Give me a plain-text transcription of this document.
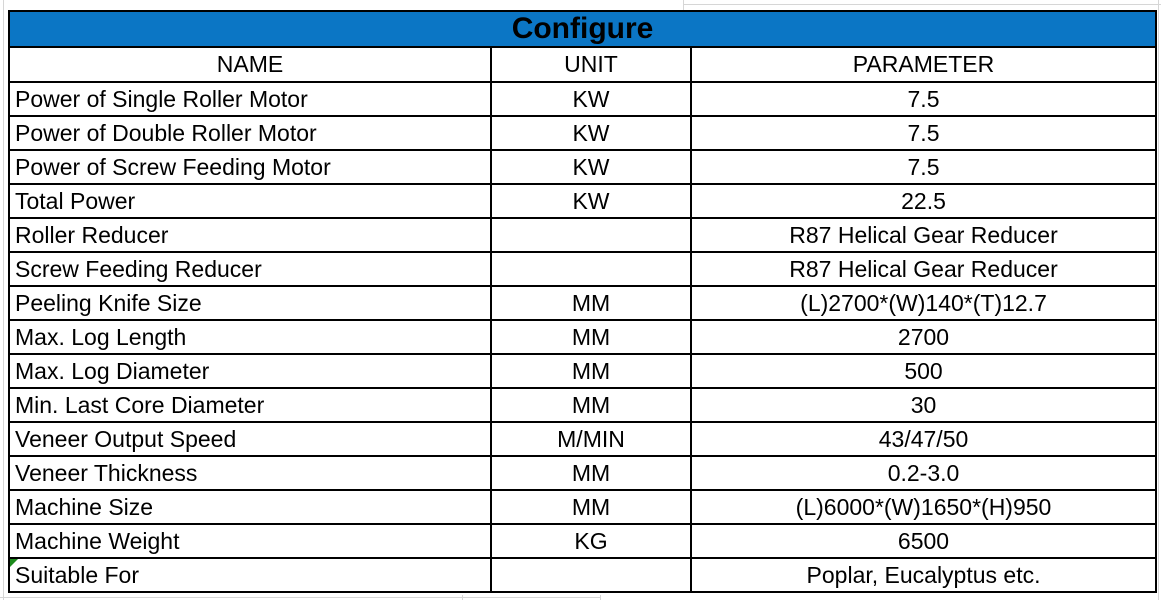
Configure		
NAME	UNIT	PARAMETER
Power of Single Roller Motor	KW	7.5
Power of Double Roller Motor	KW	7.5
Power of Screw Feeding Motor	KW	7.5
Total Power	KW	22.5
Roller Reducer		R87 Helical Gear Reducer
Screw Feeding Reducer		R87 Helical Gear Reducer
Peeling Knife Size	MM	(L)2700*(W)140*(T)12.7
Max. Log Length	MM	2700
Max. Log Diameter	MM	500
Min. Last Core Diameter	MM	30
Veneer Output Speed	M/MIN	43/47/50
Veneer Thickness	MM	0.2-3.0
Machine Size	MM	(L)6000*(W)1650*(H)950
Machine Weight	KG	6500

Suitable For		Poplar, Eucalyptus etc.
